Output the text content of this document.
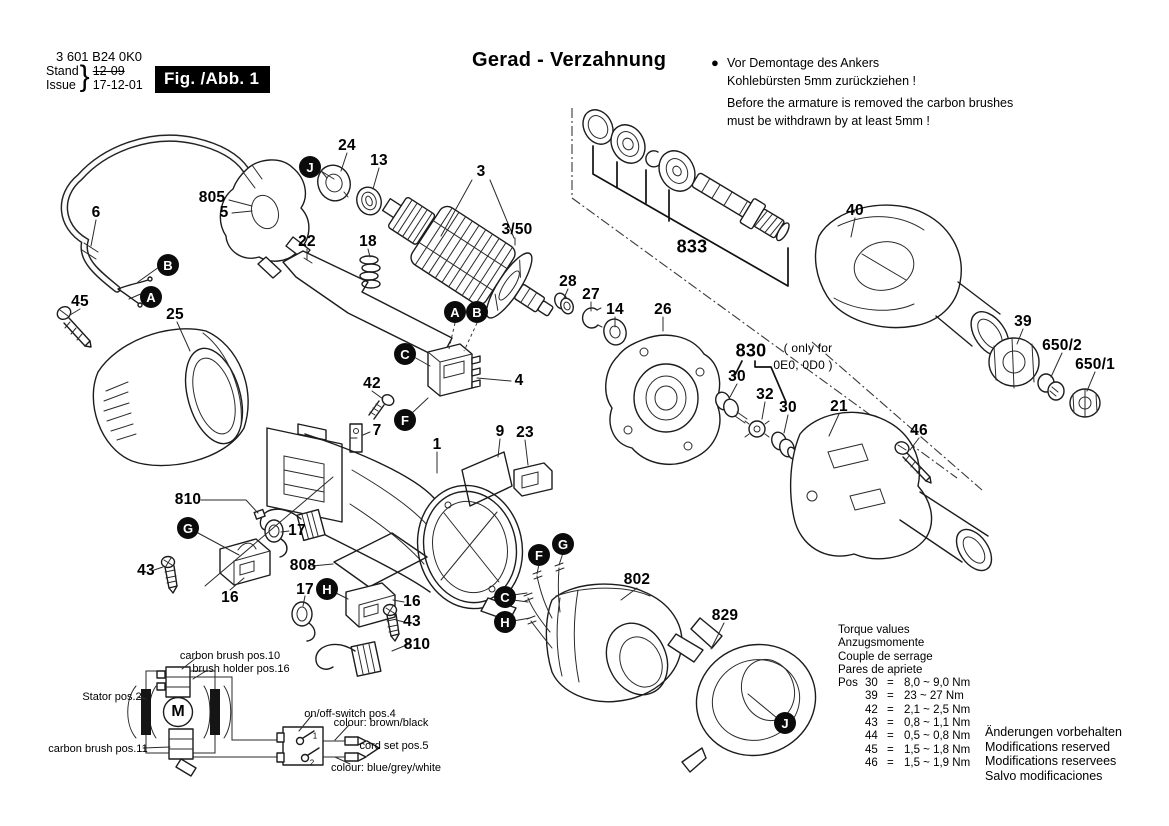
3 601 B24 0K0
Stand
Issue } 12-09
17-12-01	Fig. /Abb. 1
Gerad - Verzahnung	● Vor Demontage des Ankers
Kohlebürsten 5mm zurückziehen !
Before the armature is removed the carbon brushes
must be withdrawn by at least 5mm !
24
13
3
3/50
833
40
805
5
6
45
25
22	18
28
27
14 26
830 ( only for
0E0, 0D0 )
30
32
30 21
46
39
650/2
650/1
4
42
7
1
9 23
810
17
43
16
808
17
16
43
810
802
829
J
B
A
A B
C
F
G
H
G
F
C
H
J
carbon brush pos.10
brush holder pos.16
Stator pos.2
carbon brush pos.11
on/off-switch pos.4
colour: brown/black
cord set pos.5
colour: blue/grey/white
M
1
2
Torque values
Anzugsmomente
Couple de serrage
Pares de apriete
Pos 30 = 8,0 ~ 9,0 Nm
39 = 23 ~ 27 Nm
42 = 2,1 ~ 2,5 Nm
43 = 0,8 ~ 1,1 Nm
44 = 0,5 ~ 0,8 Nm
45 = 1,5 ~ 1,8 Nm
46 = 1,5 ~ 1,9 Nm
Änderungen vorbehalten
Modifications reserved
Modifications reservees
Salvo modificaciones
